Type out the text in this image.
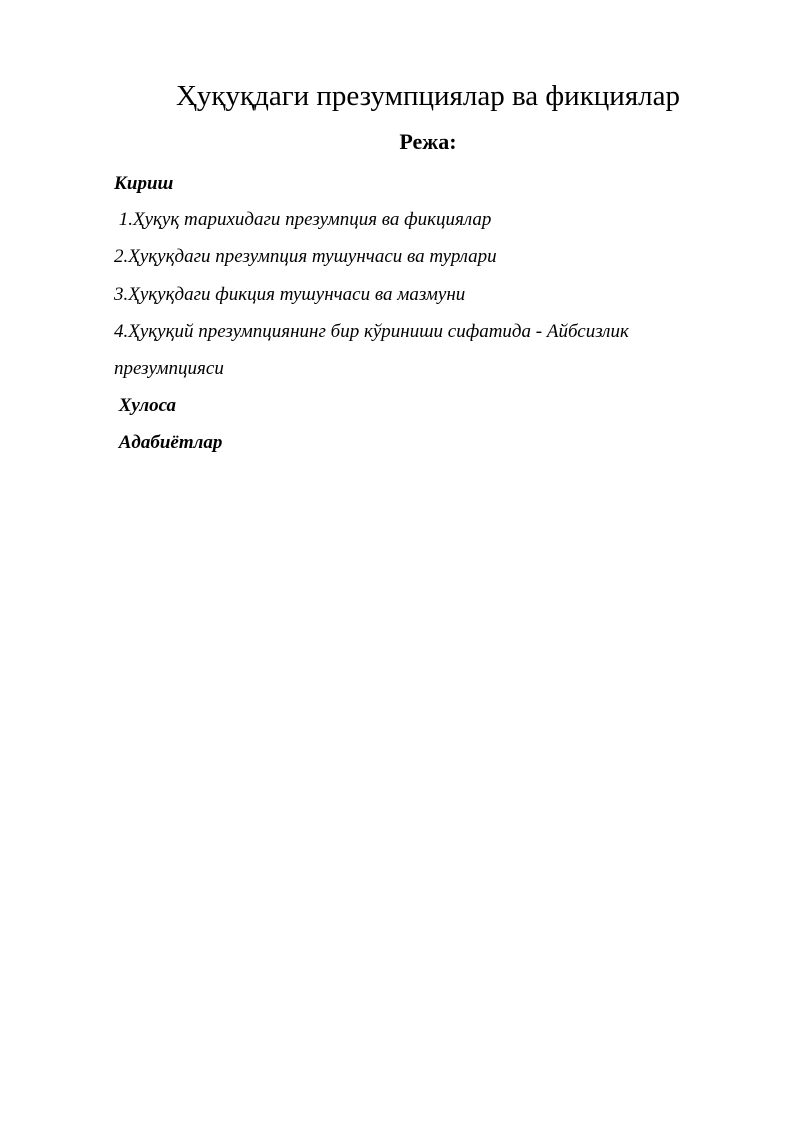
Ҳуқуқдаги презумпциялар ва фикциялар
Режа:
Кириш
1.Ҳуқуқ тарихидаги презумпция ва фикциялар
2.Ҳуқуқдаги презумпция тушунчаси ва турлари
3.Ҳуқуқдаги фикция тушунчаси ва мазмуни
4.Ҳуқуқий презумпциянинг бир кўриниши сифатида - Айбсизлик
презумпцияси
Хулоса
Адабиётлар
